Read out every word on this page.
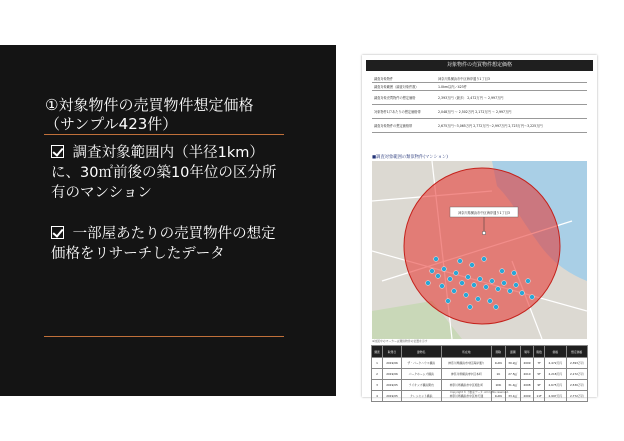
①対象物件の売買物件想定価格
（サンプル423件）
調査対象範囲内（半径1km）に、30㎡前後の築10年位の区分所有のマンション
一部屋あたりの売買物件の想定価格をリサーチしたデータ
対象物件の売買物件想定価格
調査対象物件	神奈川県横浜市中区海岸通り1丁目3
調査対象範囲（調査対象件数）	1.0km以内／423件
調査対象売買物件の想定価格	2,393万円（最多） 2,472万円 ～ 2,997万円
対象物件1戸あたりの想定価格帯	2,048万円 ～ 2,502万円 2,172万円 ～ 2,997万円
調査対象物件の想定価格帯	2,675万円～3,065万円 2,772万円～2,997万円 2,723万円～3,225万円
■調査対象範囲の類似物件(マンション)
神奈川県横浜市中区海岸通り1丁目3
※地図中のマーカーは類似物件の位置を示す
調査	取得日	建物名	所在地	間取	面積	築年	階数	価格	想定価格
1	2019/06	ザ・パークハウス横浜	神奈川県横浜市中区海岸通り	1LDK	30.2㎡	2009	7F	2,472万円	2,393万円
2	2019/06	パークホームズ横浜	神奈川県横浜市中区本町	1K	27.5㎡	2010	5F	2,218万円	2,172万円
3	2019/05	ライオンズ横浜関内	神奈川県横浜市中区相生町	1DK	31.4㎡	2008	9F	2,675万円	2,530万円
4	2019/05	クレッセント横浜	神奈川県横浜市中区弁天通	1LDK	33.1㎡	2009	11F	2,997万円	2,772万円
Copyright © 不動産データ. All rights reserved.
